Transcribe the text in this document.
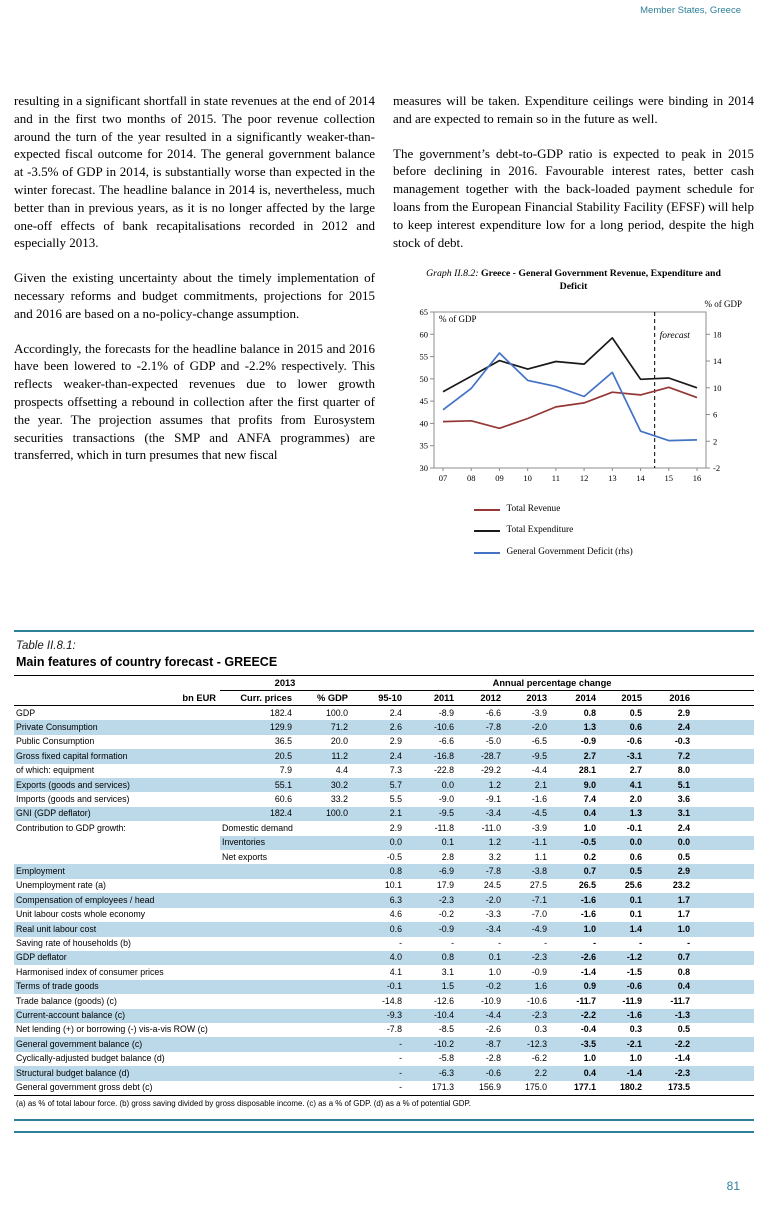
Member States, Greece

resulting in a significant shortfall in state revenues at the end of 2014 and in the first two months of 2015. The poor revenue collection around the turn of the year resulted in a significantly weaker-than-expected fiscal outcome for 2014. The general government balance at -3.5% of GDP in 2014, is substantially worse than expected in the winter forecast. The headline balance in 2014 is, nevertheless, much better than in previous years, as it is no longer affected by the large one-off effects of bank recapitalisations recorded in 2012 and especially 2013.

Given the existing uncertainty about the timely implementation of necessary reforms and budget commitments, projections for 2015 and 2016 are based on a no-policy-change assumption.

Accordingly, the forecasts for the headline balance in 2015 and 2016 have been lowered to -2.1% of GDP and -2.2% respectively. This reflects weaker-than-expected revenues due to lower growth prospects offsetting a rebound in collection after the first quarter of the year. The projection assumes that profits from Eurosystem securities transactions (the SMP and ANFA programmes) are transferred, which in turn presumes that new fiscal

measures will be taken. Expenditure ceilings were binding in 2014 and are expected to remain so in the future as well.

The government’s debt-to-GDP ratio is expected to peak in 2015 before declining in 2016. Favourable interest rates, better cash management together with the back-loaded payment schedule for loans from the European Financial Stability Facility (EFSF) will help to keep interest expenditure low for a long period, despite the high stock of debt.

Graph II.8.2: Greece - General Government Revenue, Expenditure and Deficit
30
35
40
45
50
55
60
65
-2
2
6
10
14
18
07 08 09 10 11 12 13 14 15 16
forecast
% of GDP
% of GDP
Total Revenue
Total Expenditure
General Government Deficit (rhs)
Table II.8.1:
Main features of country forecast - GREECE
	2013		Annual percentage change							
bn EUR	Curr. prices	% GDP	95-10	2011	2012	2013	2014	2015	2016	
GDP	182.4	100.0	2.4	-8.9	-6.6	-3.9	0.8	0.5	2.9	
Private Consumption	129.9	71.2	2.6	-10.6	-7.8	-2.0	1.3	0.6	2.4	
Public Consumption	36.5	20.0	2.9	-6.6	-5.0	-6.5	-0.9	-0.6	-0.3	
Gross fixed capital formation	20.5	11.2	2.4	-16.8	-28.7	-9.5	2.7	-3.1	7.2	
of which: equipment	7.9	4.4	7.3	-22.8	-29.2	-4.4	28.1	2.7	8.0	
Exports (goods and services)	55.1	30.2	5.7	0.0	1.2	2.1	9.0	4.1	5.1	
Imports (goods and services)	60.6	33.2	5.5	-9.0	-9.1	-1.6	7.4	2.0	3.6	
GNI (GDP deflator)	182.4	100.0	2.1	-9.5	-3.4	-4.5	0.4	1.3	3.1	
Contribution to GDP growth:	Domestic demand		2.9	-11.8	-11.0	-3.9	1.0	-0.1	2.4	
	Inventories		0.0	0.1	1.2	-1.1	-0.5	0.0	0.0	
	Net exports		-0.5	2.8	3.2	1.1	0.2	0.6	0.5	
Employment			0.8	-6.9	-7.8	-3.8	0.7	0.5	2.9	
Unemployment rate (a)			10.1	17.9	24.5	27.5	26.5	25.6	23.2	
Compensation of employees / head			6.3	-2.3	-2.0	-7.1	-1.6	0.1	1.7	
Unit labour costs whole economy			4.6	-0.2	-3.3	-7.0	-1.6	0.1	1.7	
Real unit labour cost			0.6	-0.9	-3.4	-4.9	1.0	1.4	1.0	
Saving rate of households (b)			-	-	-	-	-	-	-	
GDP deflator			4.0	0.8	0.1	-2.3	-2.6	-1.2	0.7	
Harmonised index of consumer prices			4.1	3.1	1.0	-0.9	-1.4	-1.5	0.8	
Terms of trade goods			-0.1	1.5	-0.2	1.6	0.9	-0.6	0.4	
Trade balance (goods) (c)			-14.8	-12.6	-10.9	-10.6	-11.7	-11.9	-11.7	
Current-account balance (c)			-9.3	-10.4	-4.4	-2.3	-2.2	-1.6	-1.3	
Net lending (+) or borrowing (-) vis-a-vis ROW (c)			-7.8	-8.5	-2.6	0.3	-0.4	0.3	0.5	
General government balance (c)			-	-10.2	-8.7	-12.3	-3.5	-2.1	-2.2	
Cyclically-adjusted budget balance (d)			-	-5.8	-2.8	-6.2	1.0	1.0	-1.4	
Structural budget balance (d)			-	-6.3	-0.6	2.2	0.4	-1.4	-2.3	
General government gross debt (c)			-	171.3	156.9	175.0	177.1	180.2	173.5	
(a) as % of total labour force. (b) gross saving divided by gross disposable income. (c) as a % of GDP. (d) as a % of potential GDP.
81
